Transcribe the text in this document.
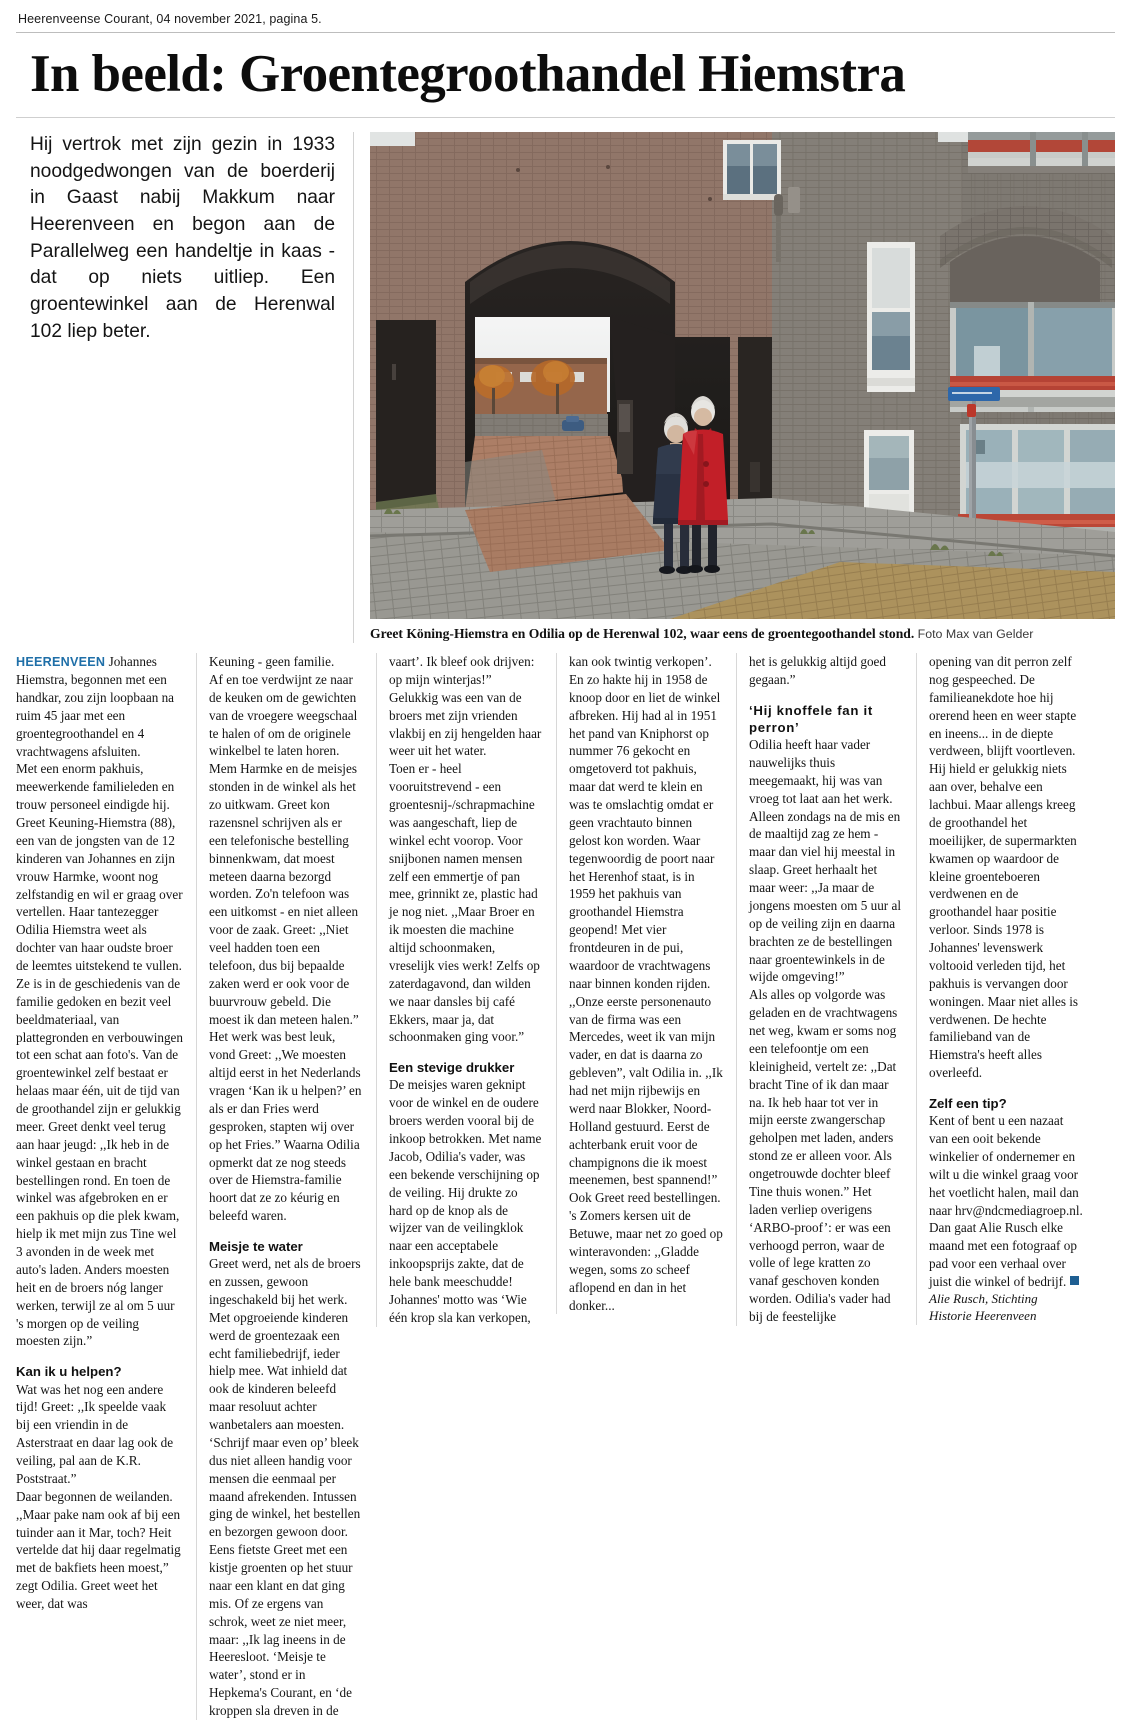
Heerenveense Courant, 04 november 2021, pagina 5.
In beeld: Groentegroothandel Hiemstra
Hij vertrok met zijn gezin in 1933 noodgedwongen van de boerderij in Gaast nabij Makkum naar Heerenveen en begon aan de Parallelweg een handeltje in kaas - dat op niets uitliep. Een groentewinkel aan de Herenwal 102 liep beter.
Greet Köning-Hiemstra en Odilia op de Herenwal 102, waar eens de groentegoothandel stond. Foto Max van Gelder

HEERENVEEN Johannes Hiemstra, begonnen met een handkar, zou zijn loopbaan na ruim 45 jaar met een groentegroothandel en 4 vrachtwagens afsluiten.

Met een enorm pakhuis, meewerkende familieleden en trouw personeel eindigde hij. Greet Keuning-Hiemstra (88), een van de jongsten van de 12 kinderen van Johannes en zijn vrouw Harmke, woont nog zelfstandig en wil er graag over vertellen. Haar tantezegger Odilia Hiemstra weet als dochter van haar oudste broer de leemtes uitstekend te vullen. Ze is in de geschiedenis van de familie gedoken en bezit veel beeldmateriaal, van plattegronden en verbouwingen tot een schat aan foto's. Van de groentewinkel zelf bestaat er helaas maar één, uit de tijd van de groothandel zijn er gelukkig meer. Greet denkt veel terug aan haar jeugd: ,,Ik heb in de winkel gestaan en bracht bestellingen rond. En toen de winkel was afgebroken en er een pakhuis op die plek kwam, hielp ik met mijn zus Tine wel 3 avonden in de week met auto's laden. Anders moesten heit en de broers nóg langer werken, terwijl ze al om 5 uur 's morgen op de veiling moesten zijn.”

Kan ik u helpen?

Wat was het nog een andere tijd! Greet: ,,Ik speelde vaak bij een vriendin in de Asterstraat en daar lag ook de veiling, pal aan de K.R. Poststraat.”

Daar begonnen de weilanden. ,,Maar pake nam ook af bij een tuinder aan it Mar, toch? Heit vertelde dat hij daar regelmatig met de bakfiets heen moest,” zegt Odilia. Greet weet het weer, dat was

Keuning - geen familie.

Af en toe verdwijnt ze naar de keuken om de gewichten van de vroegere weegschaal te halen of om de originele winkelbel te laten horen. Mem Harmke en de meisjes stonden in de winkel als het zo uitkwam. Greet kon razensnel schrijven als er een telefonische bestelling binnenkwam, dat moest meteen daarna bezorgd worden. Zo'n telefoon was een uitkomst - en niet alleen voor de zaak. Greet: ,,Niet veel hadden toen een telefoon, dus bij bepaalde zaken werd er ook voor de buurvrouw gebeld. Die moest ik dan meteen halen.”

Het werk was best leuk, vond Greet: ,,We moesten altijd eerst in het Nederlands vragen ‘Kan ik u helpen?’ en als er dan Fries werd gesproken, stapten wij over op het Fries.” Waarna Odilia opmerkt dat ze nog steeds over de Hiemstra-familie hoort dat ze zo kéurig en beleefd waren.

Meisje te water

Greet werd, net als de broers en zussen, gewoon ingeschakeld bij het werk. Met opgroeiende kinderen werd de groentezaak een echt familiebedrijf, ieder hielp mee. Wat inhield dat ook de kinderen beleefd maar resoluut achter wanbetalers aan moesten. ‘Schrijf maar even op’ bleek dus niet alleen handig voor mensen die eenmaal per maand afrekenden. Intussen ging de winkel, het bestellen en bezorgen gewoon door. Eens fietste Greet met een kistje groenten op het stuur naar een klant en dat ging mis. Of ze ergens van schrok, weet ze niet meer, maar: ,,Ik lag ineens in de Heeresloot. ‘Meisje te water’, stond er in Hepkema's Courant, en ‘de kroppen sla dreven in de

vaart’. Ik bleef ook drijven: op mijn winterjas!” Gelukkig was een van de broers met zijn vrienden vlakbij en zij hengelden haar weer uit het water.

Toen er - heel vooruitstrevend - een groentesnij-/schrapmachine was aangeschaft, liep de winkel echt voorop. Voor snijbonen namen mensen zelf een emmertje of pan mee, grinnikt ze, plastic had je nog niet. ,,Maar Broer en ik moesten die machine altijd schoonmaken, vreselijk vies werk! Zelfs op zaterdagavond, dan wilden we naar dansles bij café Ekkers, maar ja, dat schoonmaken ging voor.”

Een stevige drukker

De meisjes waren geknipt voor de winkel en de oudere broers werden vooral bij de inkoop betrokken. Met name Jacob, Odilia's vader, was een bekende verschijning op de veiling. Hij drukte zo hard op de knop als de wijzer van de veilingklok naar een acceptabele inkoopsprijs zakte, dat de hele bank meeschudde! Johannes' motto was ‘Wie één krop sla kan verkopen,

kan ook twintig verkopen’. En zo hakte hij in 1958 de knoop door en liet de winkel afbreken. Hij had al in 1951 het pand van Kniphorst op nummer 76 gekocht en omgetoverd tot pakhuis, maar dat werd te klein en was te omslachtig omdat er geen vrachtauto binnen gelost kon worden. Waar tegenwoordig de poort naar het Herenhof staat, is in 1959 het pakhuis van groothandel Hiemstra geopend! Met vier frontdeuren in de pui, waardoor de vrachtwagens naar binnen konden rijden.

,,Onze eerste personenauto van de firma was een Mercedes, weet ik van mijn vader, en dat is daarna zo gebleven”, valt Odilia in. ,,Ik had net mijn rijbewijs en werd naar Blokker, Noord-Holland gestuurd. Eerst de achterbank eruit voor de champignons die ik moest meenemen, best spannend!”

Ook Greet reed bestellingen. 's Zomers kersen uit de Betuwe, maar net zo goed op winteravonden: ,,Gladde wegen, soms zo scheef aflopend en dan in het donker...

het is gelukkig altijd goed gegaan.”

‘Hij knoffele fan it perron’

Odilia heeft haar vader nauwelijks thuis meegemaakt, hij was van vroeg tot laat aan het werk. Alleen zondags na de mis en de maaltijd zag ze hem -maar dan viel hij meestal in slaap. Greet herhaalt het maar weer: ,,Ja maar de jongens moesten om 5 uur al op de veiling zijn en daarna brachten ze de bestellingen naar groentewinkels in de wijde omgeving!”

Als alles op volgorde was geladen en de vrachtwagens net weg, kwam er soms nog een telefoontje om een kleinigheid, vertelt ze: ,,Dat bracht Tine of ik dan maar na. Ik heb haar tot ver in mijn eerste zwangerschap geholpen met laden, anders stond ze er alleen voor. Als ongetrouwde dochter bleef Tine thuis wonen.” Het laden verliep overigens ‘ARBO-proof’: er was een verhoogd perron, waar de volle of lege kratten zo vanaf geschoven konden worden. Odilia's vader had bij de feestelijke

opening van dit perron zelf nog gespeeched. De familieanekdote hoe hij orerend heen en weer stapte en ineens... in de diepte verdween, blijft voortleven. Hij hield er gelukkig niets aan over, behalve een lachbui. Maar allengs kreeg de groothandel het moeilijker, de supermarkten kwamen op waardoor de kleine groenteboeren verdwenen en de groothandel haar positie verloor. Sinds 1978 is Johannes' levenswerk voltooid verleden tijd, het pakhuis is vervangen door woningen. Maar niet alles is verdwenen. De hechte familieband van de Hiemstra's heeft alles overleefd.

Zelf een tip?

Kent of bent u een nazaat van een ooit bekende winkelier of ondernemer en wilt u die winkel graag voor het voetlicht halen, mail dan naar hrv@ndcmediagroep.nl. Dan gaat Alie Rusch elke maand met een fotograaf op pad voor een verhaal over juist die winkel of bedrijf.

Alie Rusch, Stichting Historie Heerenveen
